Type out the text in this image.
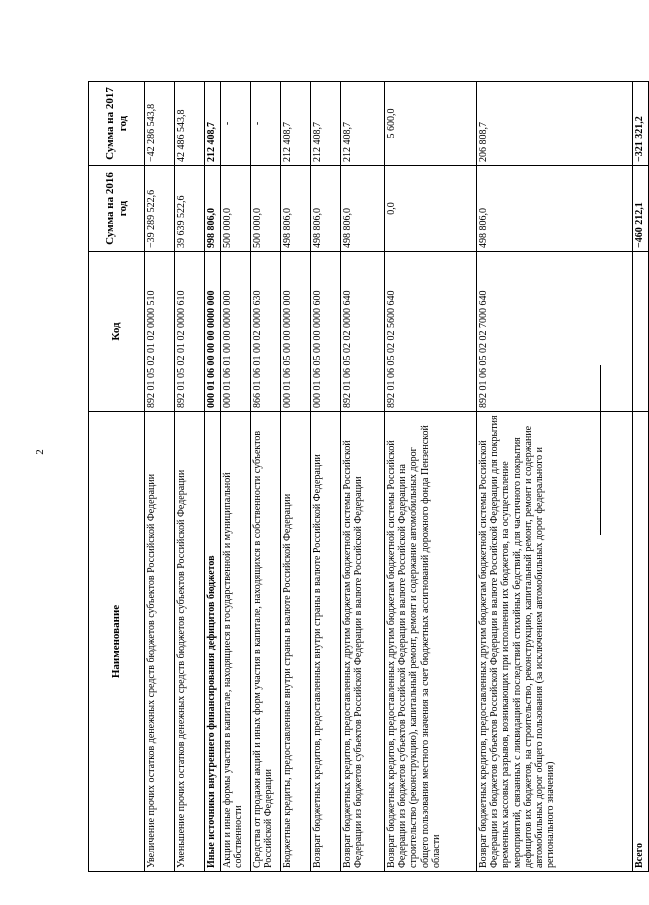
2
Наименование	Код	Сумма на 2016 год	Сумма на 2017 год
Увеличение прочих остатков денежных средств бюджетов субъектов Российской Федерации	892 01 05 02 01 02 0000 510	−39 289 522,6	−42 286 543,8
Уменьшение прочих остатков денежных средств бюджетов субъектов Российской Федерации	892 01 05 02 01 02 0000 610	39 639 522,6	42 486 543,8
Иные источники внутреннего финансирования дефицитов бюджетов	000 01 06 00 00 00 0000 000	998 806,0	212 408,7
Акции и иные формы участия в капитале, находящиеся в государственной и муниципальной собственности	000 01 06 01 00 00 0000 000	500 000,0	-
Средства от продажи акций и иных форм участия в капитале, находящихся в собственности субъектов Российской Федерации	866 01 06 01 00 02 0000 630	500 000,0	-
Бюджетные кредиты, предоставленные внутри страны в валюте Российской Федерации	000 01 06 05 00 00 0000 000	498 806,0	212 408,7
Возврат бюджетных кредитов, предоставленных внутри страны в валюте Российской Федерации	000 01 06 05 00 00 0000 600	498 806,0	212 408,7
Возврат бюджетных кредитов, предоставленных другим бюджетам бюджетной системы Российской Федерации из бюджетов субъектов Российской Федерации в валюте Российской Федерации	892 01 06 05 02 02 0000 640	498 806,0	212 408,7
Возврат бюджетных кредитов, предоставленных другим бюджетам бюджетной системы Российской Федерации из бюджетов субъектов Российской Федерации в валюте Российской Федерации на строительство (реконструкцию), капитальный ремонт, ремонт и содержание автомобильных дорог общего пользования местного значения за счет бюджетных ассигнований дорожного фонда Пензенской области	892 01 06 05 02 02 5600 640	0,0	5 600,0
Возврат бюджетных кредитов, предоставленных другим бюджетам бюджетной системы Российской Федерации из бюджетов субъектов Российской Федерации в валюте Российской Федерации для покрытия временных кассовых разрывов, возникающих при исполнении их бюджетов, на осуществление мероприятий, связанных с ликвидацией последствий стихийных бедствий, для частичного покрытия дефицитов их бюджетов, на строительство, реконструкцию, капитальный ремонт, ремонт и содержание автомобильных дорог общего пользования (за исключением автомобильных дорог федерального и регионального значения)	892 01 06 05 02 02 7000 640	498 806,0	206 808,7
Всего		−460 212,1	−321 321,2
